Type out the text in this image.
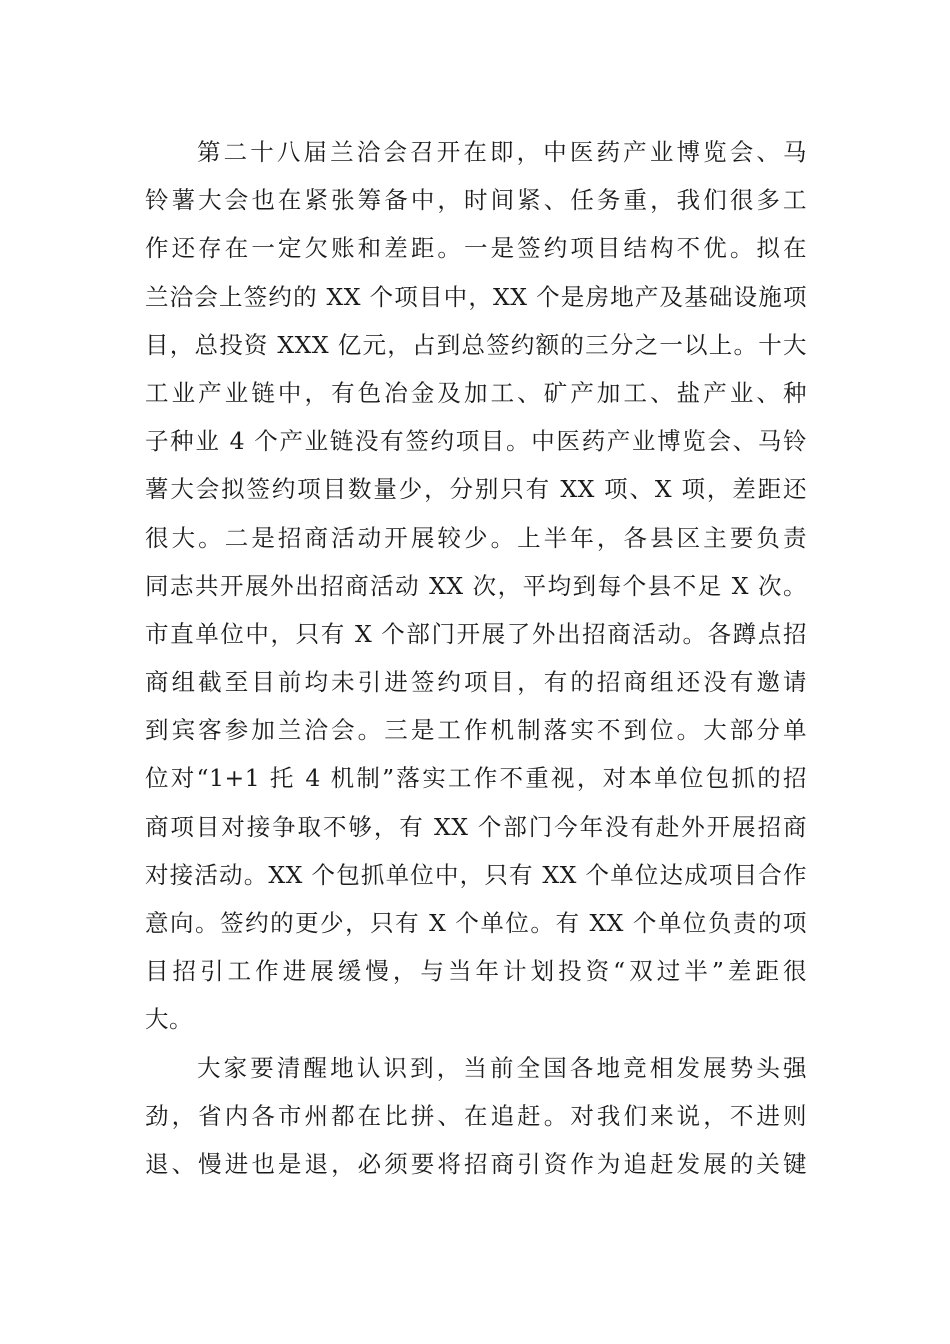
第二十八届兰洽会召开在即，中医药产业博览会、马
铃薯大会也在紧张筹备中，时间紧、任务重，我们很多工
作还存在一定欠账和差距。一是签约项目结构不优。拟在
兰洽会上签约的 XX 个项目中，XX 个是房地产及基础设施项
目，总投资 XXX 亿元，占到总签约额的三分之一以上。十大
工业产业链中，有色冶金及加工、矿产加工、盐产业、种
子种业 4 个产业链没有签约项目。中医药产业博览会、马铃
薯大会拟签约项目数量少，分别只有 XX 项、X 项，差距还
很大。二是招商活动开展较少。上半年，各县区主要负责
同志共开展外出招商活动 XX 次，平均到每个县不足 X 次。
市直单位中，只有 X 个部门开展了外出招商活动。各蹲点招
商组截至目前均未引进签约项目，有的招商组还没有邀请
到宾客参加兰洽会。三是工作机制落实不到位。大部分单
位对“1+1 托 4 机制”落实工作不重视，对本单位包抓的招
商项目对接争取不够，有 XX 个部门今年没有赴外开展招商
对接活动。XX 个包抓单位中，只有 XX 个单位达成项目合作
意向。签约的更少，只有 X 个单位。有 XX 个单位负责的项
目招引工作进展缓慢，与当年计划投资“双过半”差距很
大。
大家要清醒地认识到，当前全国各地竞相发展势头强
劲，省内各市州都在比拼、在追赶。对我们来说，不进则
退、慢进也是退，必须要将招商引资作为追赶发展的关键
